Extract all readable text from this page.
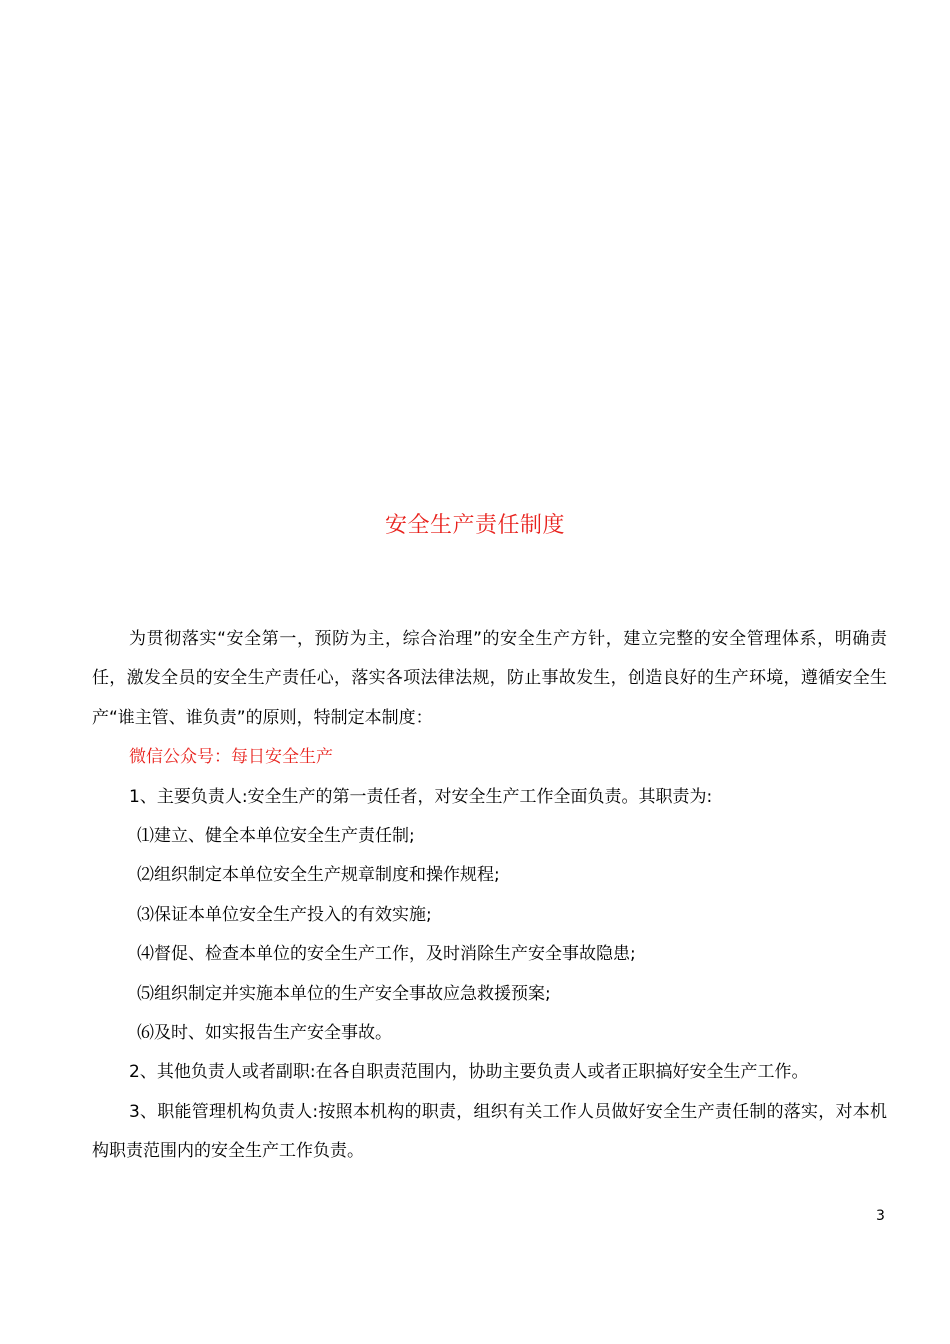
安全生产责任制度

为贯彻落实“安全第一，预防为主，综合治理”的安全生产方针，建立完整的安全管理体系，明确责任，激发全员的安全生产责任心，落实各项法律法规，防止事故发生，创造良好的生产环境，遵循安全生产“谁主管、谁负责”的原则，特制定本制度：

微信公众号：每日安全生产

1、主要负责人:安全生产的第一责任者，对安全生产工作全面负责。其职责为:

⑴建立、健全本单位安全生产责任制;

⑵组织制定本单位安全生产规章制度和操作规程;

⑶保证本单位安全生产投入的有效实施;

⑷督促、检查本单位的安全生产工作，及时消除生产安全事故隐患;

⑸组织制定并实施本单位的生产安全事故应急救援预案;

⑹及时、如实报告生产安全事故。

2、其他负责人或者副职:在各自职责范围内，协助主要负责人或者正职搞好安全生产工作。

3、职能管理机构负责人:按照本机构的职责，组织有关工作人员做好安全生产责任制的落实，对本机构职责范围内的安全生产工作负责。

3
